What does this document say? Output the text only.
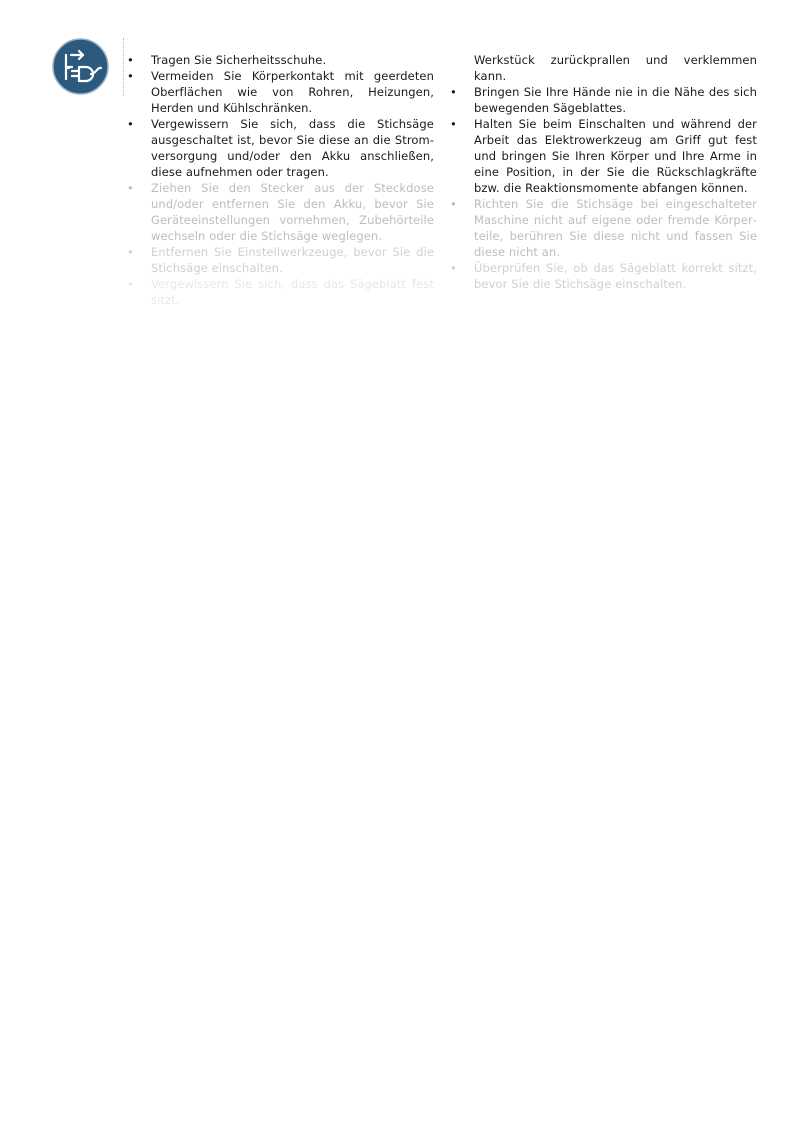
• Tragen Sie Sicherheitsschuhe.
• Vermeiden Sie Körperkontakt mit geerdeten Oberflächen wie von Rohren, Heizungen, Herden und Kühlschränken.
• Vergewissern Sie sich, dass die Stichsäge ausgeschaltet ist, bevor Sie diese an die Stromversorgung und/oder den Akku anschließen, diese aufnehmen oder tragen.
• Ziehen Sie den Stecker aus der Steckdose und/oder entfernen Sie den Akku, bevor Sie Geräteeinstellungen vornehmen, Zubehörteile wechseln oder die Stichsäge weglegen.
• Entfernen Sie Einstellwerkzeuge, bevor Sie die Stichsäge einschalten.
• Vergewissern Sie sich, dass das Sägeblatt fest sitzt.
Werkstück zurückprallen und verklemmen kann.
• Bringen Sie Ihre Hände nie in die Nähe des sich bewegenden Sägeblattes.
• Halten Sie beim Einschalten und während der Arbeit das Elektrowerkzeug am Griff gut fest und bringen Sie Ihren Körper und Ihre Arme in eine Position, in der Sie die Rückschlagkräfte bzw. die Reaktionsmomente abfangen können.
• Richten Sie die Stichsäge bei eingeschalteter Maschine nicht auf eigene oder fremde Körperteile, berühren Sie diese nicht und fassen Sie diese nicht an.
• Überprüfen Sie, ob das Sägeblatt korrekt sitzt, bevor Sie die Stichsäge einschalten.
